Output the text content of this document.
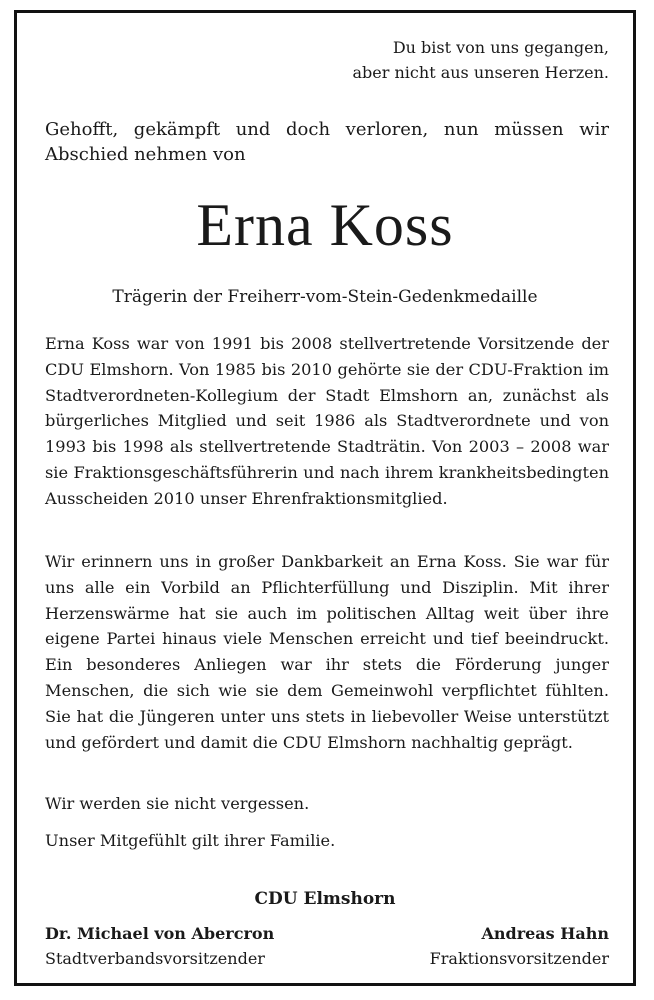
Du bist von uns gegangen,
aber nicht aus unseren Herzen.

Gehofft, gekämpft und doch verloren, nun müssen wir Abschied nehmen von

Erna Koss

Trägerin der Freiherr-vom-Stein-Gedenkmedaille

Erna Koss war von 1991 bis 2008 stellvertretende Vorsitzende der CDU Elmshorn. Von 1985 bis 2010 gehörte sie der CDU-Fraktion im Stadtverordneten-Kollegium der Stadt Elmshorn an, zunächst als bürgerliches Mitglied und seit 1986 als Stadtverordnete und von 1993 bis 1998 als stellvertretende Stadträtin. Von 2003 – 2008 war sie Fraktionsgeschäftsführerin und nach ihrem krankheitsbedingten Ausscheiden 2010 unser Ehrenfraktionsmitglied.

Wir erinnern uns in großer Dankbarkeit an Erna Koss. Sie war für uns alle ein Vorbild an Pflichterfüllung und Disziplin. Mit ihrer Herzenswärme hat sie auch im politischen Alltag weit über ihre eigene Partei hinaus viele Menschen erreicht und tief beeindruckt. Ein besonderes Anliegen war ihr stets die Förderung junger Menschen, die sich wie sie dem Gemeinwohl verpflichtet fühlten. Sie hat die Jüngeren unter uns stets in liebevoller Weise unterstützt und gefördert und damit die CDU Elmshorn nachhaltig geprägt.

Wir werden sie nicht vergessen.

Unser Mitgefühlt gilt ihrer Familie.

CDU Elmshorn

Dr. Michael von Abercron
Stadtverbandsvorsitzender
Andreas Hahn
Fraktionsvorsitzender
